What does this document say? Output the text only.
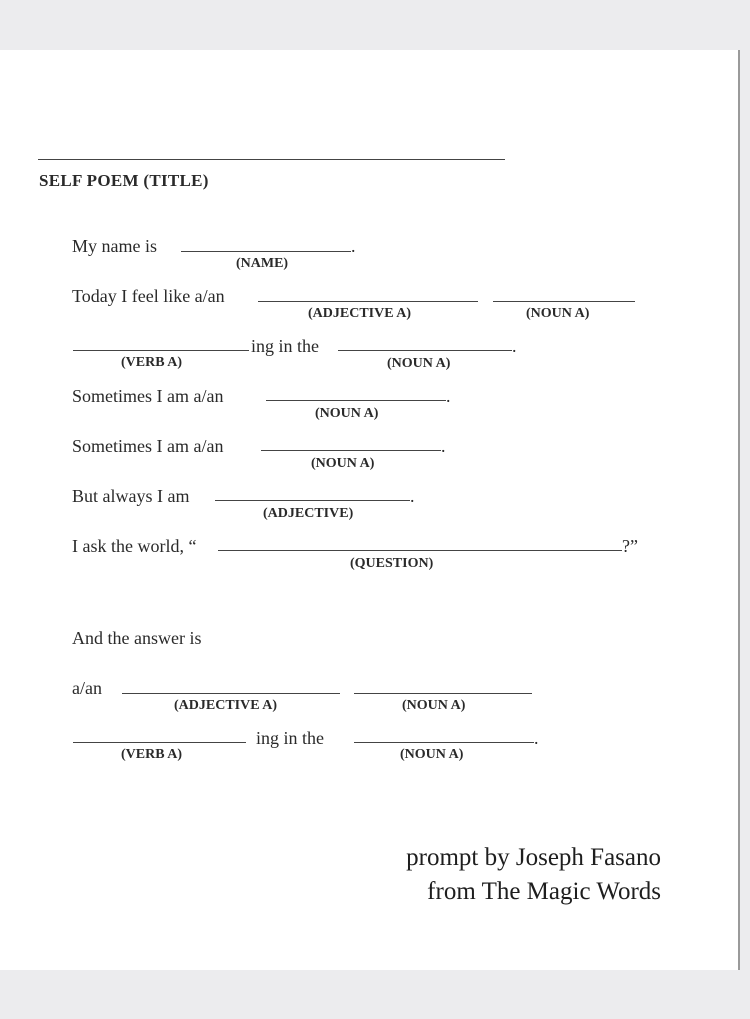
SELF POEM (TITLE)
My name is	.
(NAME)
Today I feel like a/an
(ADJECTIVE A)	(NOUN A)
ing in the	.
(VERB A)	(NOUN A)
Sometimes I am a/an	.
(NOUN A)
Sometimes I am a/an	.
(NOUN A)
But always I am	.
(ADJECTIVE)
I ask the world, “	?”
(QUESTION)
And the answer is
a/an
(ADJECTIVE A)	(NOUN A)
ing in the	.
(VERB A)	(NOUN A)
prompt by Joseph Fasano
from The Magic Words
